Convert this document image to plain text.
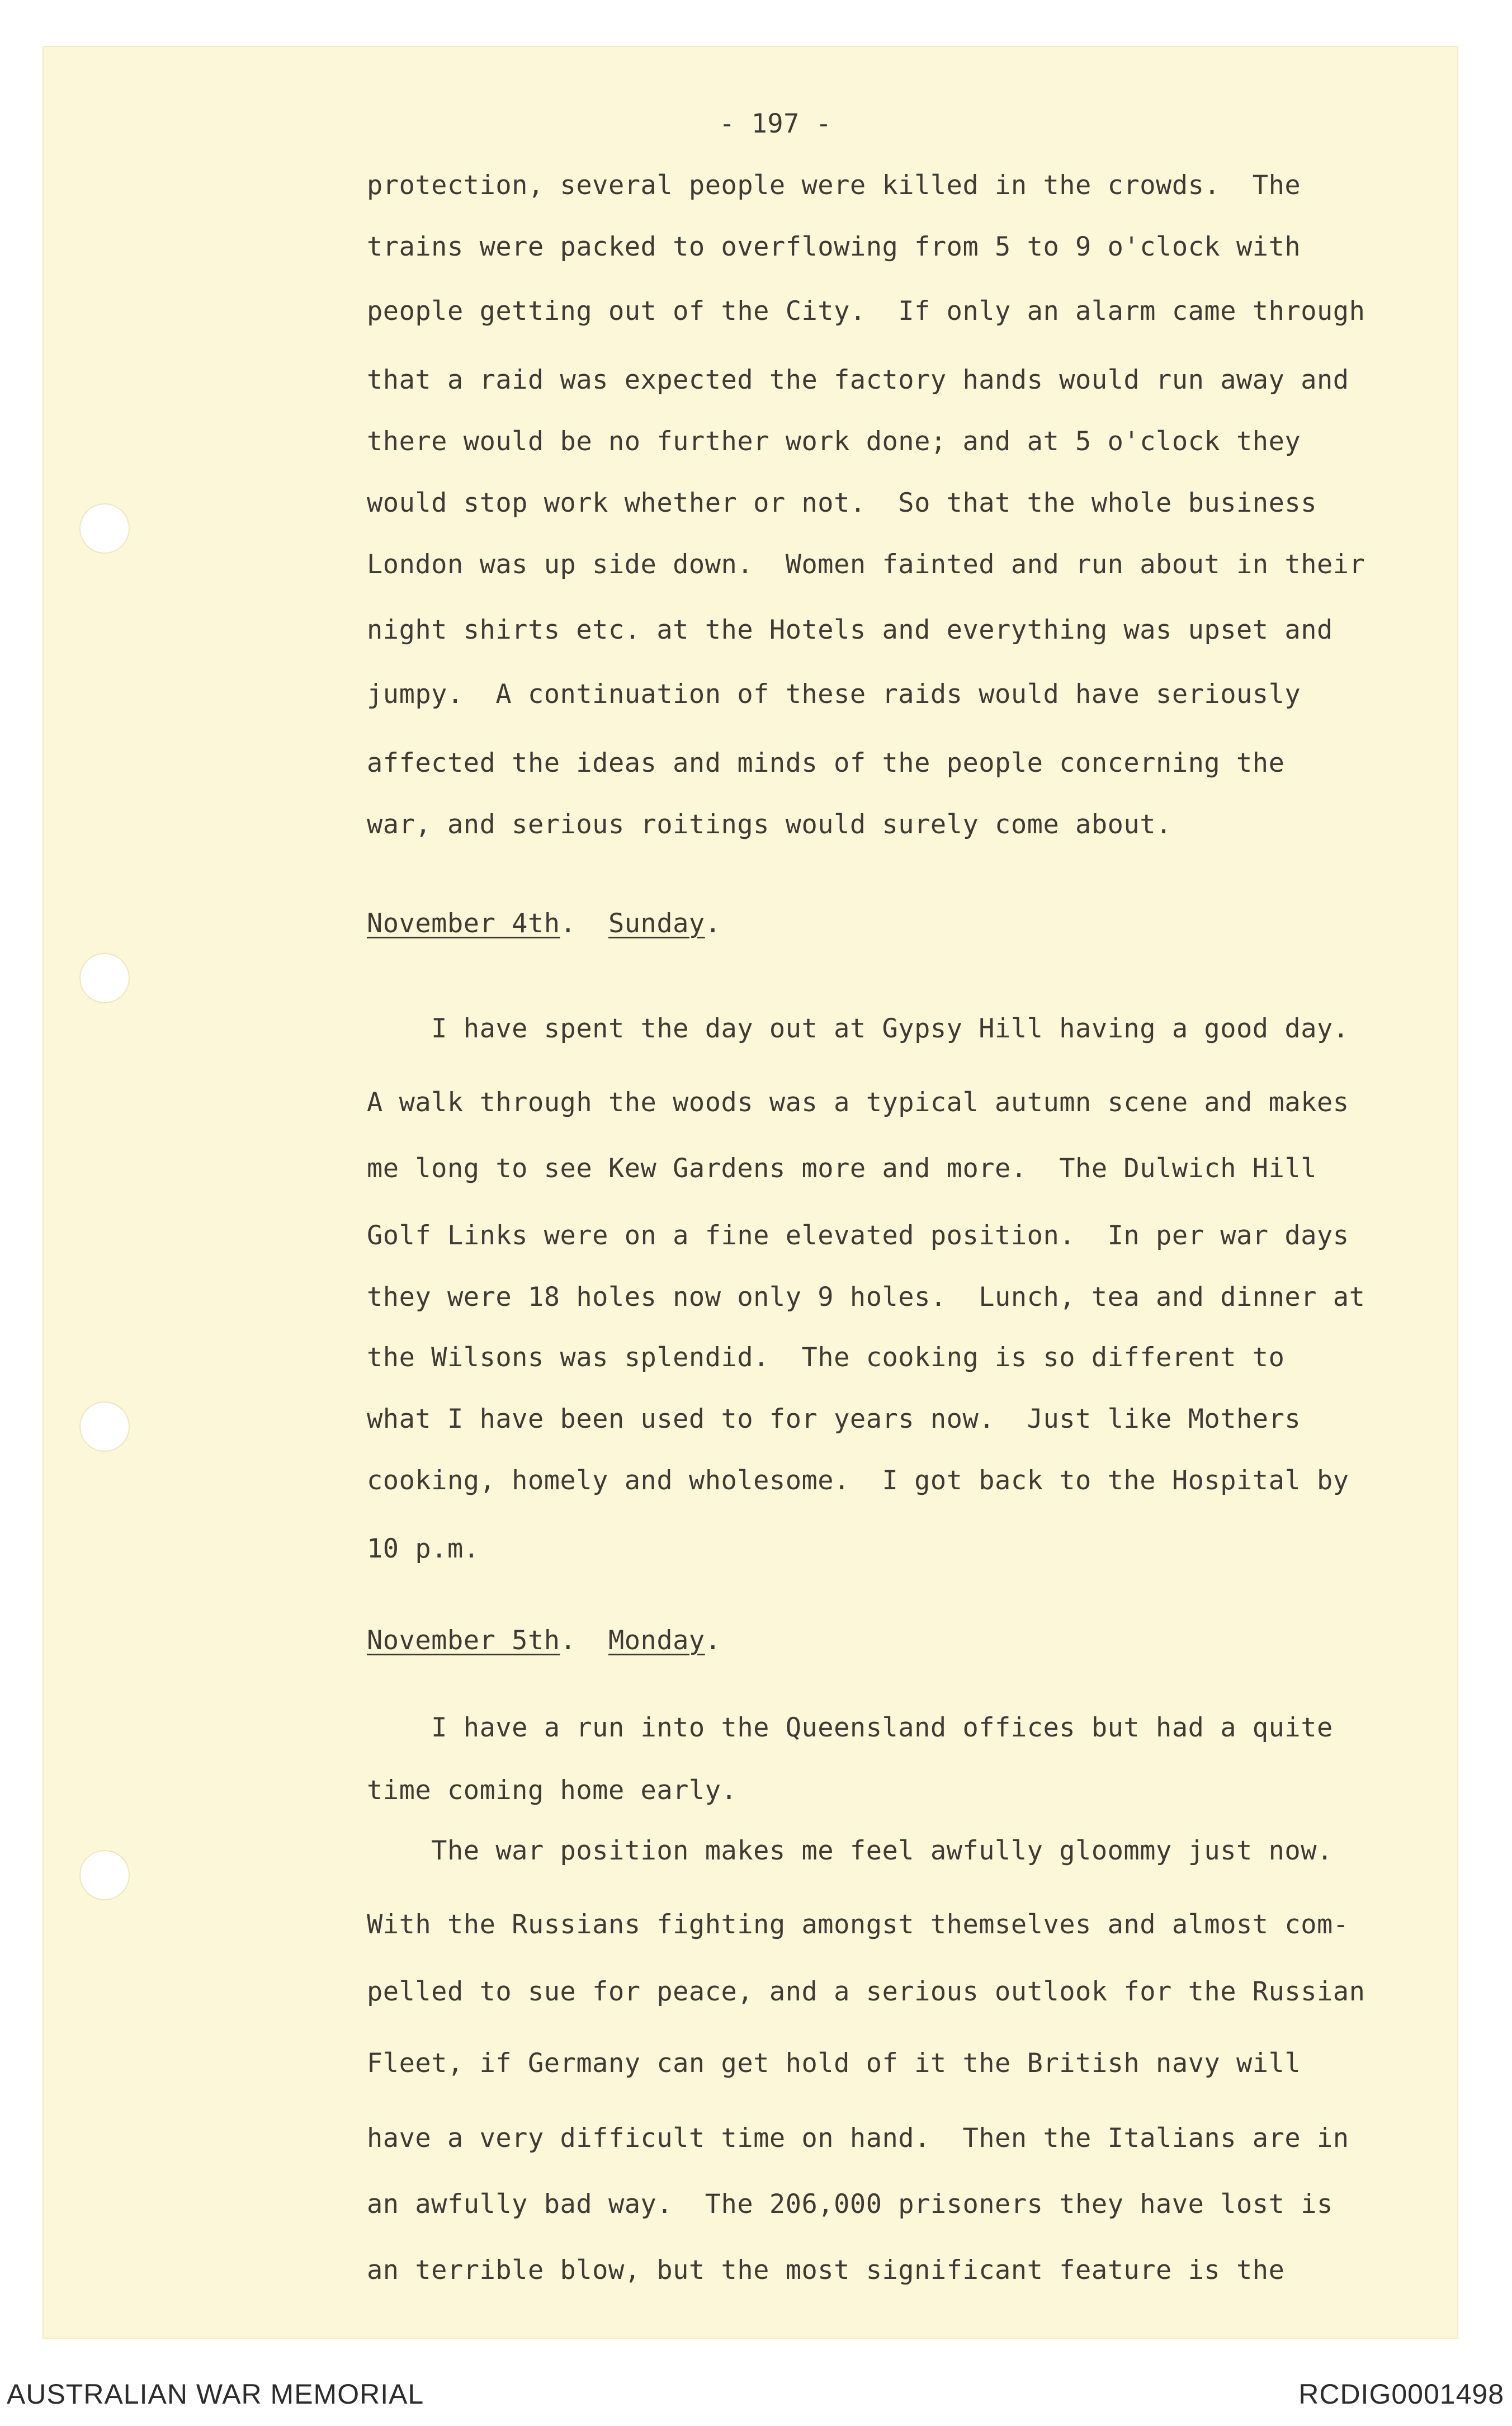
- 197 -
protection, several people were killed in the crowds.  The
trains were packed to overflowing from 5 to 9 o'clock with
people getting out of the City.  If only an alarm came through
that a raid was expected the factory hands would run away and
there would be no further work done; and at 5 o'clock they
would stop work whether or not.  So that the whole business
London was up side down.  Women fainted and run about in their
night shirts etc. at the Hotels and everything was upset and
jumpy.  A continuation of these raids would have seriously
affected the ideas and minds of the people concerning the
war, and serious roitings would surely come about.
November 4th.  Sunday.
I have spent the day out at Gypsy Hill having a good day.
A walk through the woods was a typical autumn scene and makes
me long to see Kew Gardens more and more.  The Dulwich Hill
Golf Links were on a fine elevated position.  In per war days
they were 18 holes now only 9 holes.  Lunch, tea and dinner at
the Wilsons was splendid.  The cooking is so different to
what I have been used to for years now.  Just like Mothers
cooking, homely and wholesome.  I got back to the Hospital by
10 p.m.
November 5th.  Monday.
I have a run into the Queensland offices but had a quite
time coming home early.
The war position makes me feel awfully gloommy just now.
With the Russians fighting amongst themselves and almost com-
pelled to sue for peace, and a serious outlook for the Russian
Fleet, if Germany can get hold of it the British navy will
have a very difficult time on hand.  Then the Italians are in
an awfully bad way.  The 206,000 prisoners they have lost is
an terrible blow, but the most significant feature is the
AUSTRALIAN WAR MEMORIAL	RCDIG0001498
